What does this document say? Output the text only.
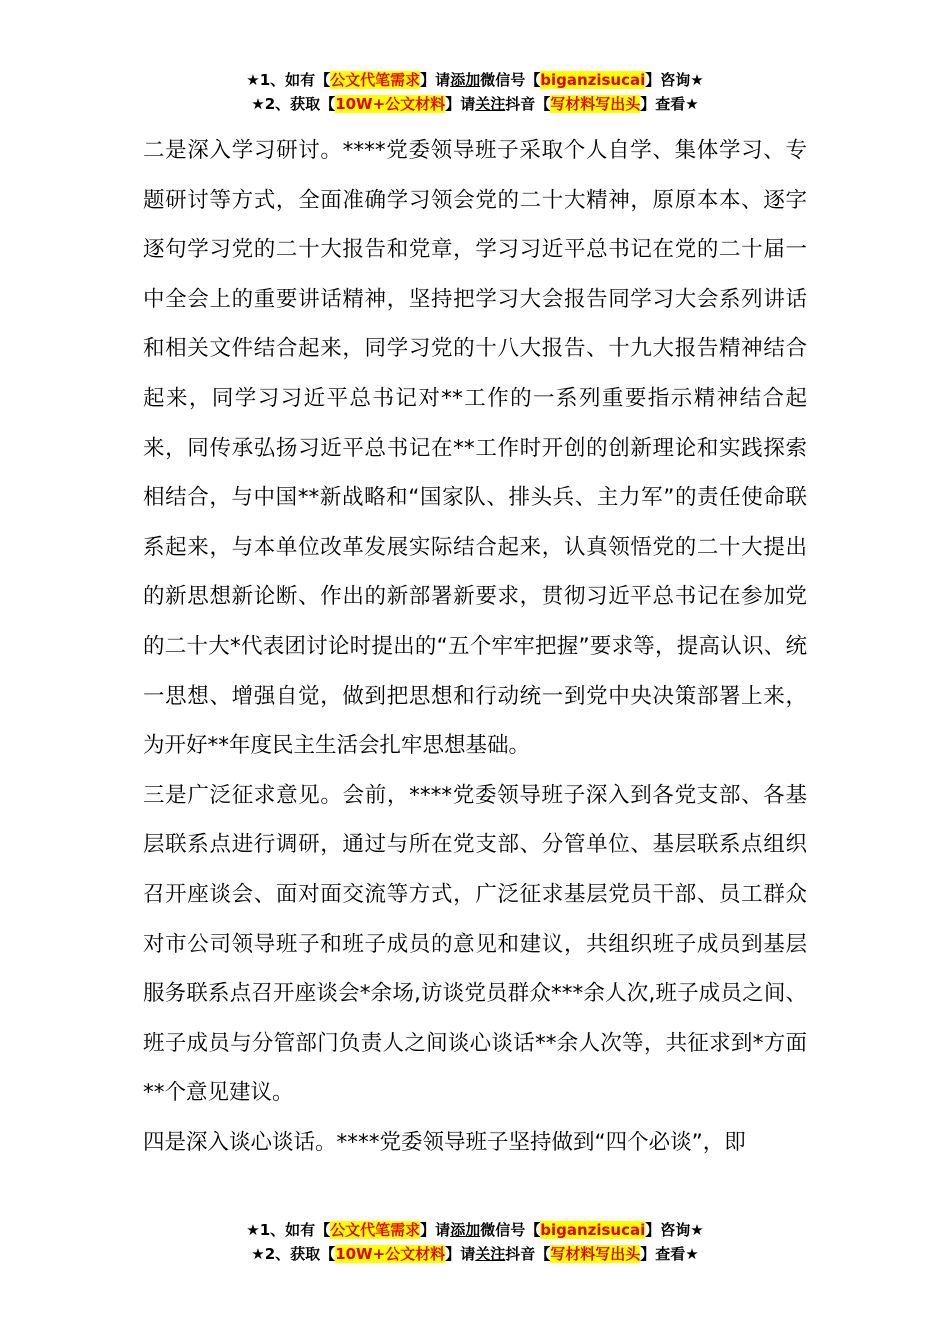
★1、如有【公文代笔需求】请添加微信号【biganzisucai】咨询★
★2、获取【10W+公文材料】请关注抖音【写材料写出头】查看★

二是深入学习研讨。****党委领导班子采取个人自学、集体学习、专题研讨等方式，全面准确学习领会党的二十大精神，原原本本、逐字逐句学习党的二十大报告和党章，学习习近平总书记在党的二十届一中全会上的重要讲话精神，坚持把学习大会报告同学习大会系列讲话和相关文件结合起来，同学习党的十八大报告、十九大报告精神结合起来，同学习习近平总书记对**工作的一系列重要指示精神结合起来，同传承弘扬习近平总书记在**工作时开创的创新理论和实践探索相结合，与中国**新战略和“国家队、排头兵、主力军”的责任使命联系起来，与本单位改革发展实际结合起来，认真领悟党的二十大提出的新思想新论断、作出的新部署新要求，贯彻习近平总书记在参加党的二十大*代表团讨论时提出的“五个牢牢把握”要求等，提高认识、统一思想、增强自觉，做到把思想和行动统一到党中央决策部署上来，为开好**年度民主生活会扎牢思想基础。

三是广泛征求意见。会前，****党委领导班子深入到各党支部、各基层联系点进行调研，通过与所在党支部、分管单位、基层联系点组织召开座谈会、面对面交流等方式，广泛征求基层党员干部、员工群众对市公司领导班子和班子成员的意见和建议，共组织班子成员到基层服务联系点召开座谈会*余场,访谈党员群众***余人次,班子成员之间、班子成员与分管部门负责人之间谈心谈话**余人次等，共征求到*方面**个意见建议。

四是深入谈心谈话。****党委领导班子坚持做到“四个必谈”，即

★1、如有【公文代笔需求】请添加微信号【biganzisucai】咨询★
★2、获取【10W+公文材料】请关注抖音【写材料写出头】查看★
